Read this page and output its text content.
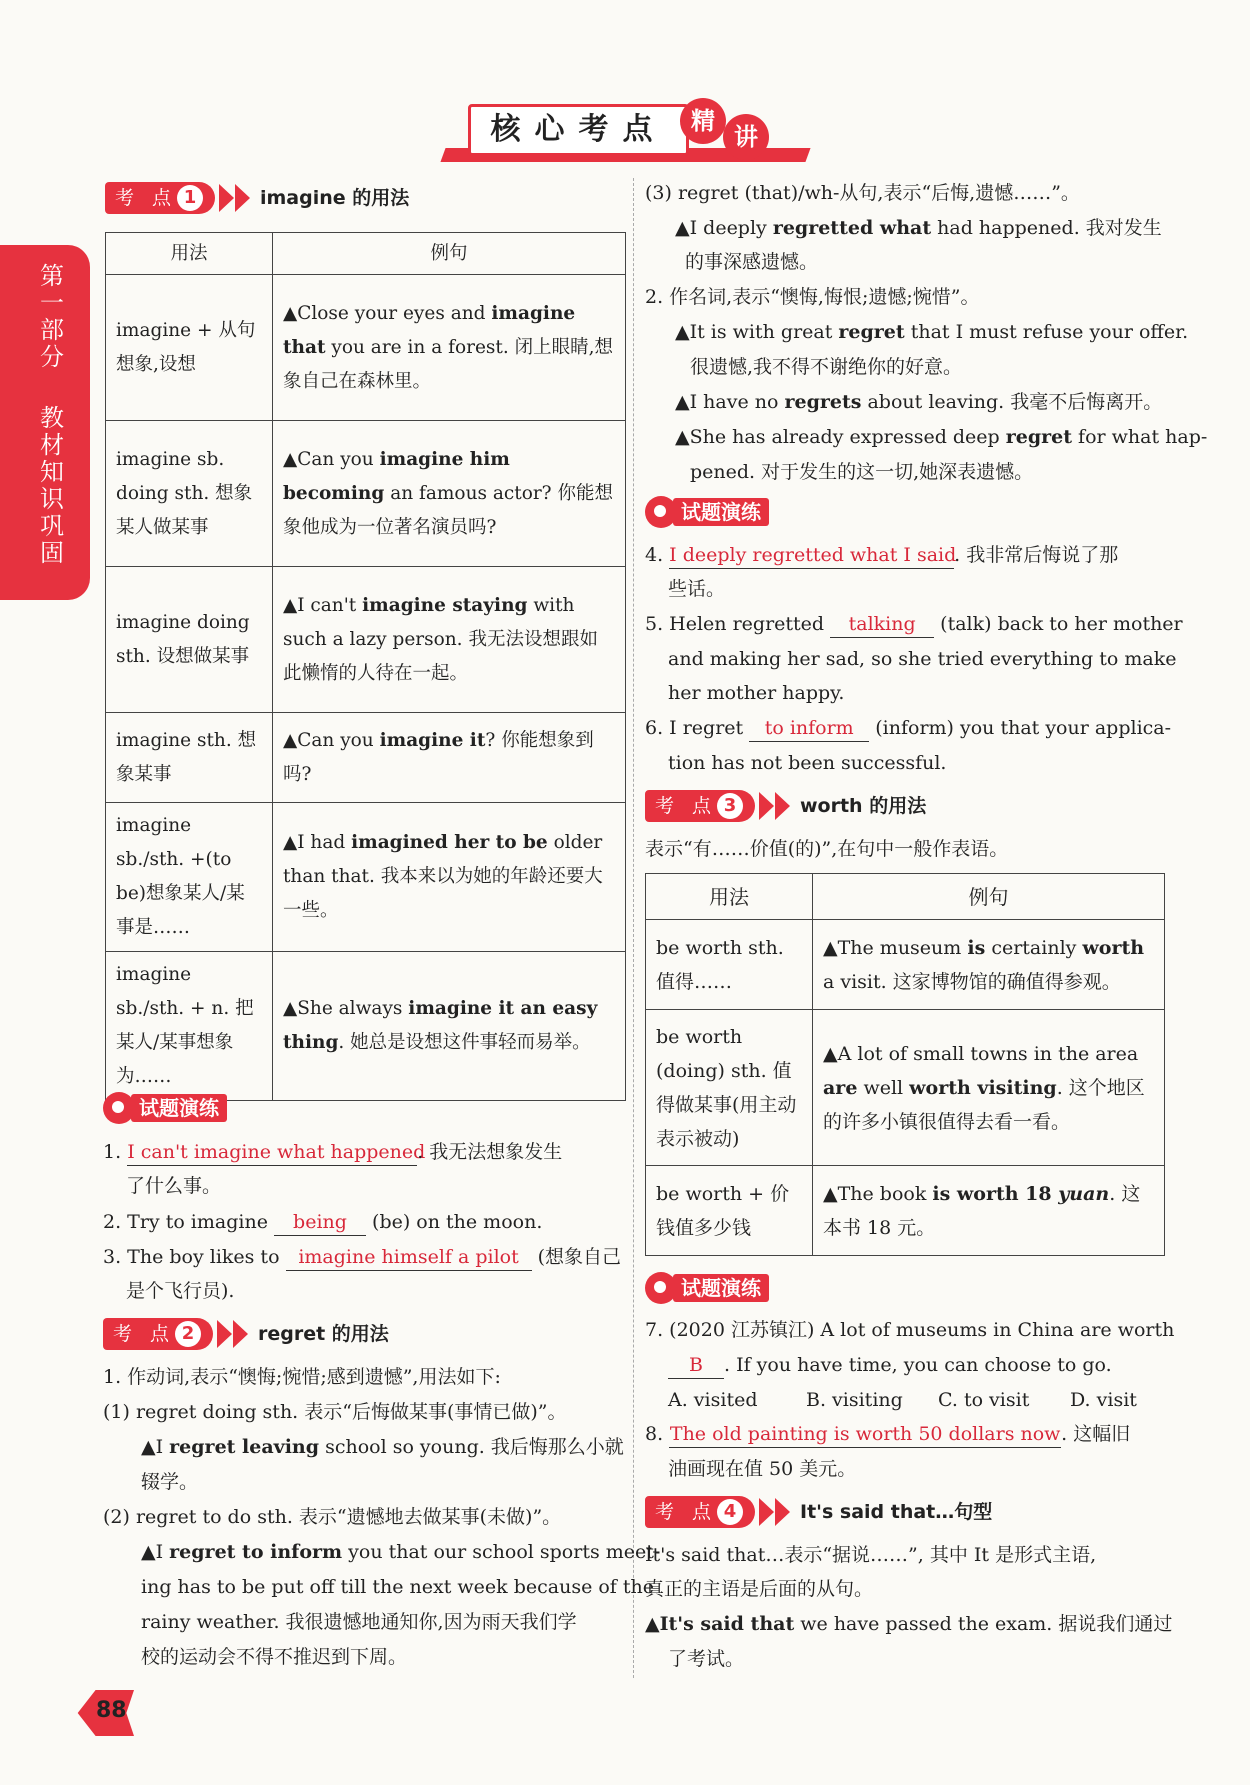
核心考点	精
讲
第一部分
教材知识巩固
考 点 1	imagine 的用法
用法	例句
imagine + 从句想象,设想	▲Close your eyes and imagine that you are in a forest. 闭上眼睛,想象自己在森林里。
imagine sb. doing sth. 想象某人做某事	▲Can you imagine him becoming an famous actor? 你能想象他成为一位著名演员吗?
imagine doing sth. 设想做某事	▲I can't imagine staying with such a lazy person. 我无法设想跟如此懒惰的人待在一起。
imagine sth. 想象某事	▲Can you imagine it? 你能想象到吗?
imagine sb./sth. +(to be)想象某人/某事是……	▲I had imagined her to be older than that. 我本来以为她的年龄还要大一些。
imagine sb./sth. + n. 把某人/某事想象为……	▲She always imagine it an easy thing. 她总是设想这件事轻而易举。
试题演练
1. I can't imagine what happened. 我无法想象发生
了什么事。
2. Try to imagine being (be) on the moon.
3. The boy likes to imagine himself a pilot (想象自己
是个飞行员).
考 点 2	regret 的用法
1. 作动词,表示“懊悔;惋惜;感到遗憾”,用法如下:
(1) regret doing sth. 表示“后悔做某事(事情已做)”。
▲I regret leaving school so young. 我后悔那么小就
辍学。
(2) regret to do sth. 表示“遗憾地去做某事(未做)”。
▲I regret to inform you that our school sports meet-
ing has to be put off till the next week because of the
rainy weather. 我很遗憾地通知你,因为雨天我们学
校的运动会不得不推迟到下周。
(3) regret (that)/wh-从句,表示“后悔,遗憾……”。
▲I deeply regretted what had happened. 我对发生
的事深感遗憾。
2. 作名词,表示“懊悔,悔恨;遗憾;惋惜”。
▲It is with great regret that I must refuse your offer.
很遗憾,我不得不谢绝你的好意。
▲I have no regrets about leaving. 我毫不后悔离开。
▲She has already expressed deep regret for what hap-
pened. 对于发生的这一切,她深表遗憾。
试题演练
4. I deeply regretted what I said. 我非常后悔说了那
些话。
5. Helen regretted talking (talk) back to her mother
and making her sad, so she tried everything to make
her mother happy.
6. I regret to inform (inform) you that your applica-
tion has not been successful.
考 点 3	worth 的用法
表示“有……价值(的)”,在句中一般作表语。
用法	例句
be worth sth. 值得……	▲The museum is certainly worth a visit. 这家博物馆的确值得参观。
be worth (doing) sth. 值得做某事(用主动表示被动)	▲A lot of small towns in the area are well worth visiting. 这个地区的许多小镇很值得去看一看。
be worth + 价钱值多少钱	▲The book is worth 18 yuan. 这本书 18 元。
试题演练
7. (2020 江苏镇江) A lot of museums in China are worth
B . If you have time, you can choose to go.
A. visited	B. visiting C. to visit D. visit
8. The old painting is worth 50 dollars now. 这幅旧
油画现在值 50 美元。
考 点 4	It's said that…句型
It's said that…表示“据说……”, 其中 It 是形式主语,
真正的主语是后面的从句。
▲It's said that we have passed the exam. 据说我们通过
了考试。
88
